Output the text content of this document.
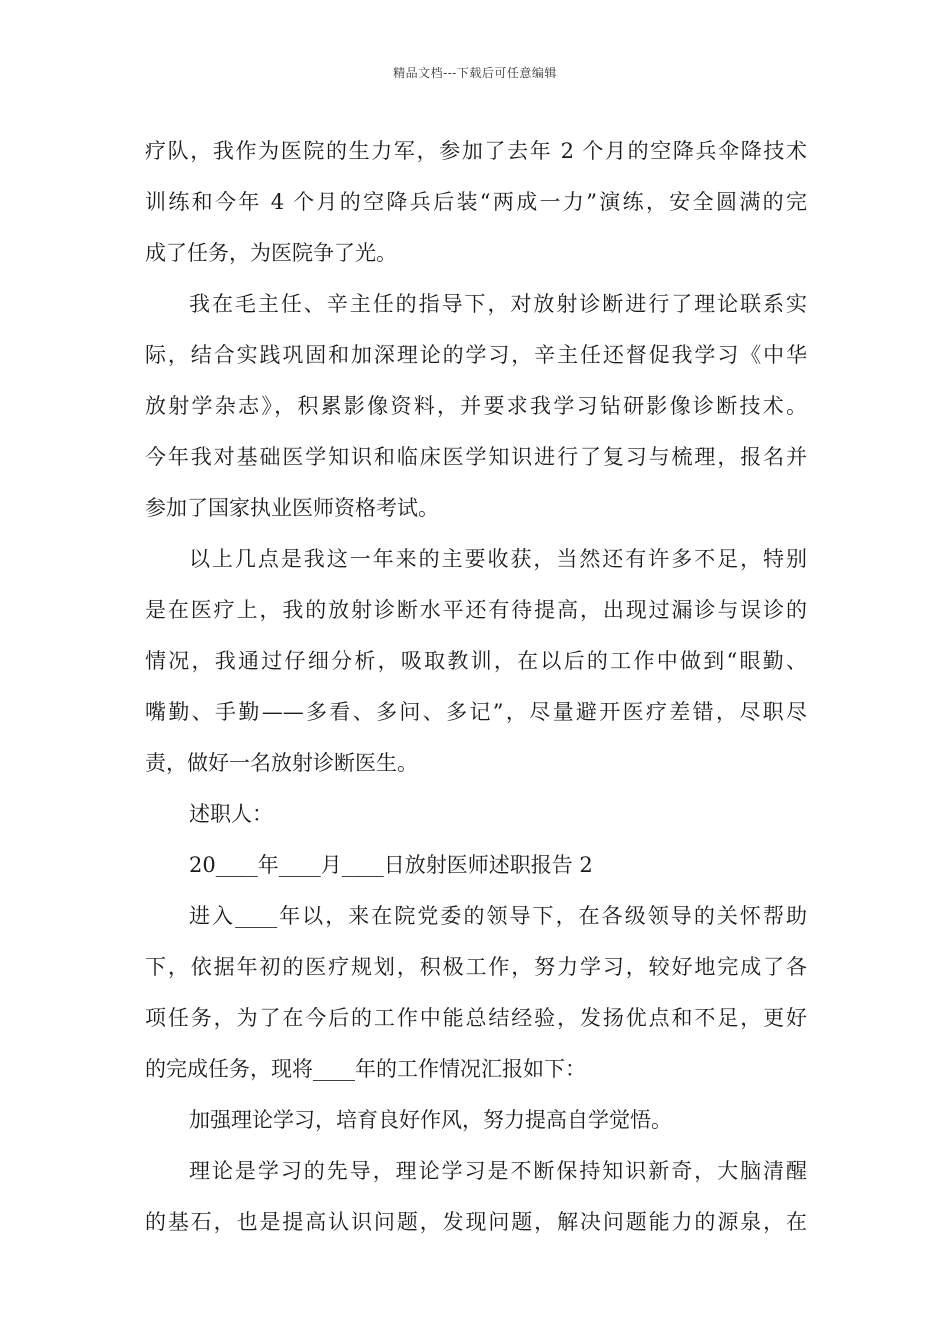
精品文档---下载后可任意编辑
疗队，我作为医院的生力军，参加了去年 2 个月的空降兵伞降技术
训练和今年 4 个月的空降兵后装“两成一力”演练，安全圆满的完
成了任务，为医院争了光。
我在毛主任、辛主任的指导下，对放射诊断进行了理论联系实
际，结合实践巩固和加深理论的学习，辛主任还督促我学习《中华
放射学杂志》，积累影像资料，并要求我学习钻研影像诊断技术。
今年我对基础医学知识和临床医学知识进行了复习与梳理，报名并
参加了国家执业医师资格考试。
以上几点是我这一年来的主要收获，当然还有许多不足，特别
是在医疗上，我的放射诊断水平还有待提高，出现过漏诊与误诊的
情况，我通过仔细分析，吸取教训，在以后的工作中做到“眼勤、
嘴勤、手勤——多看、多问、多记”，尽量避开医疗差错，尽职尽
责，做好一名放射诊断医生。
述职人：
20____年____月____日放射医师述职报告 2
进入____年以，来在院党委的领导下，在各级领导的关怀帮助
下，依据年初的医疗规划，积极工作，努力学习，较好地完成了各
项任务，为了在今后的工作中能总结经验，发扬优点和不足，更好
的完成任务，现将____年的工作情况汇报如下：
加强理论学习，培育良好作风，努力提高自学觉悟。
理论是学习的先导，理论学习是不断保持知识新奇，大脑清醒
的基石，也是提高认识问题，发现问题，解决问题能力的源泉，在
